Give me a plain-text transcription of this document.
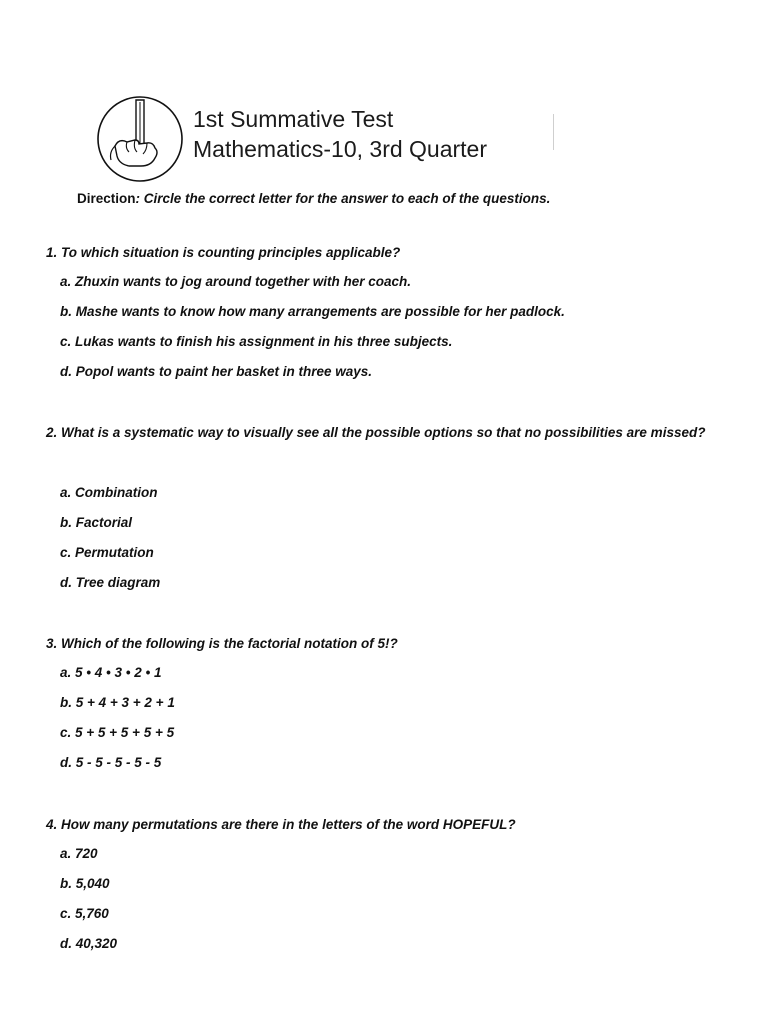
1st Summative Test
Mathematics-10, 3rd Quarter
Direction: Circle the correct letter for the answer to each of the questions.
1. To which situation is counting principles applicable?
a. Zhuxin wants to jog around together with her coach.
b. Mashe wants to know how many arrangements are possible for her padlock.
c. Lukas wants to finish his assignment in his three subjects.
d. Popol wants to paint her basket in three ways.
2. What is a systematic way to visually see all the possible options so that no possibilities are missed?
a. Combination
b. Factorial
c. Permutation
d. Tree diagram
3. Which of the following is the factorial notation of 5!?
a. 5 • 4 • 3 • 2 • 1
b. 5 + 4 + 3 + 2 + 1
c. 5 + 5 + 5 + 5 + 5
d. 5 - 5 - 5 - 5 - 5
4. How many permutations are there in the letters of the word HOPEFUL?
a. 720
b. 5,040
c. 5,760
d. 40,320
